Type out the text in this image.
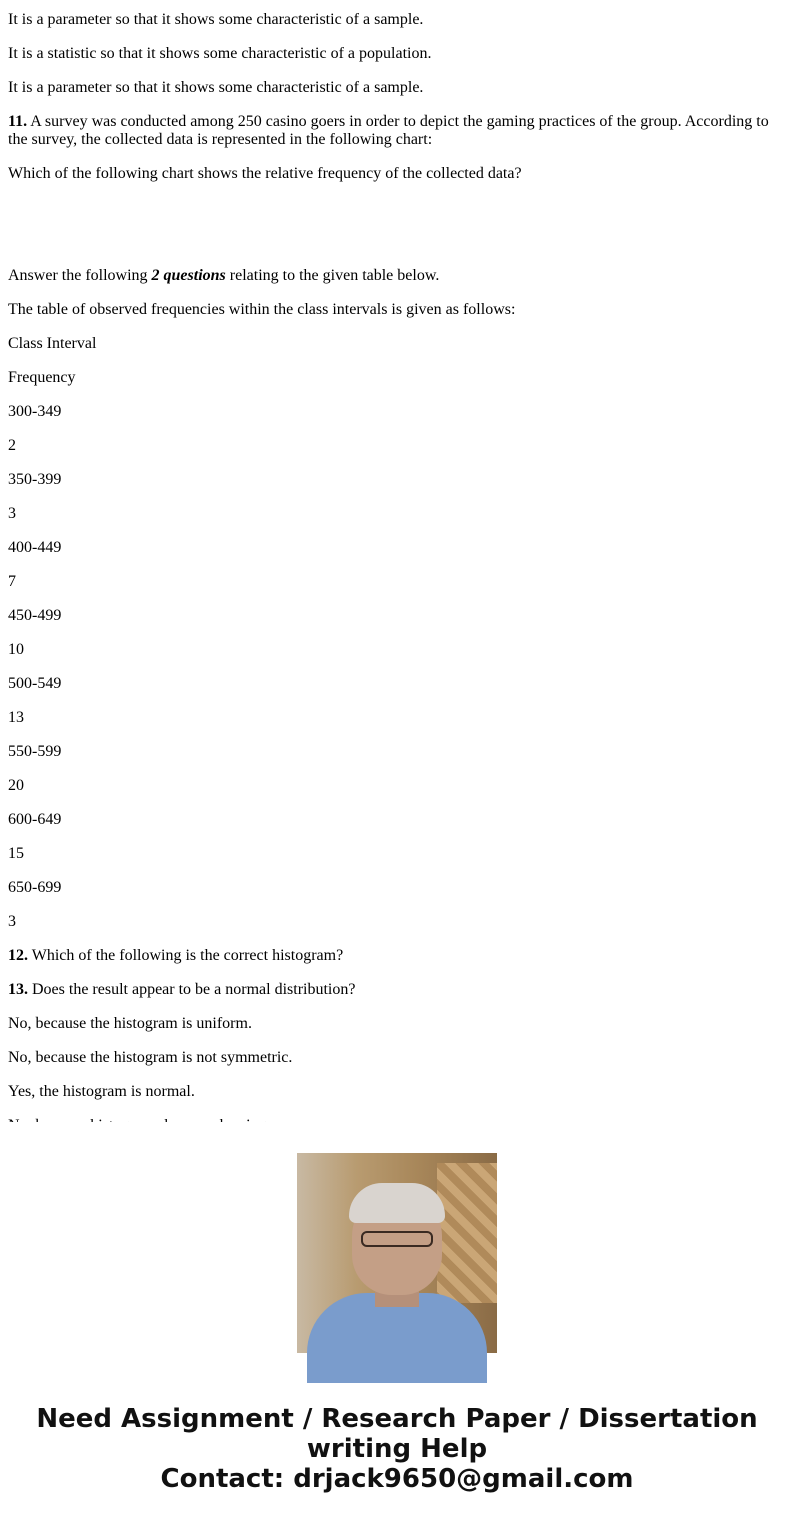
It is a parameter so that it shows some characteristic of a sample.

It is a statistic so that it shows some characteristic of a population.

It is a parameter so that it shows some characteristic of a sample.

11. A survey was conducted among 250 casino goers in order to depict the gaming practices of the group. According to the survey, the collected data is represented in the following chart:

Which of the following chart shows the relative frequency of the collected data?

Answer the following 2 questions relating to the given table below.

The table of observed frequencies within the class intervals is given as follows:

Class Interval

Frequency

300-349

2

350-399

3

400-449

7

450-499

10

500-549

13

550-599

20

600-649

15

650-699

3

12. Which of the following is the correct histogram?

13. Does the result appear to be a normal distribution?

No, because the histogram is uniform.

No, because the histogram is not symmetric.

Yes, the histogram is normal.

Need Assignment / Research Paper / Dissertation
writing Help
Contact: drjack9650@gmail.com
